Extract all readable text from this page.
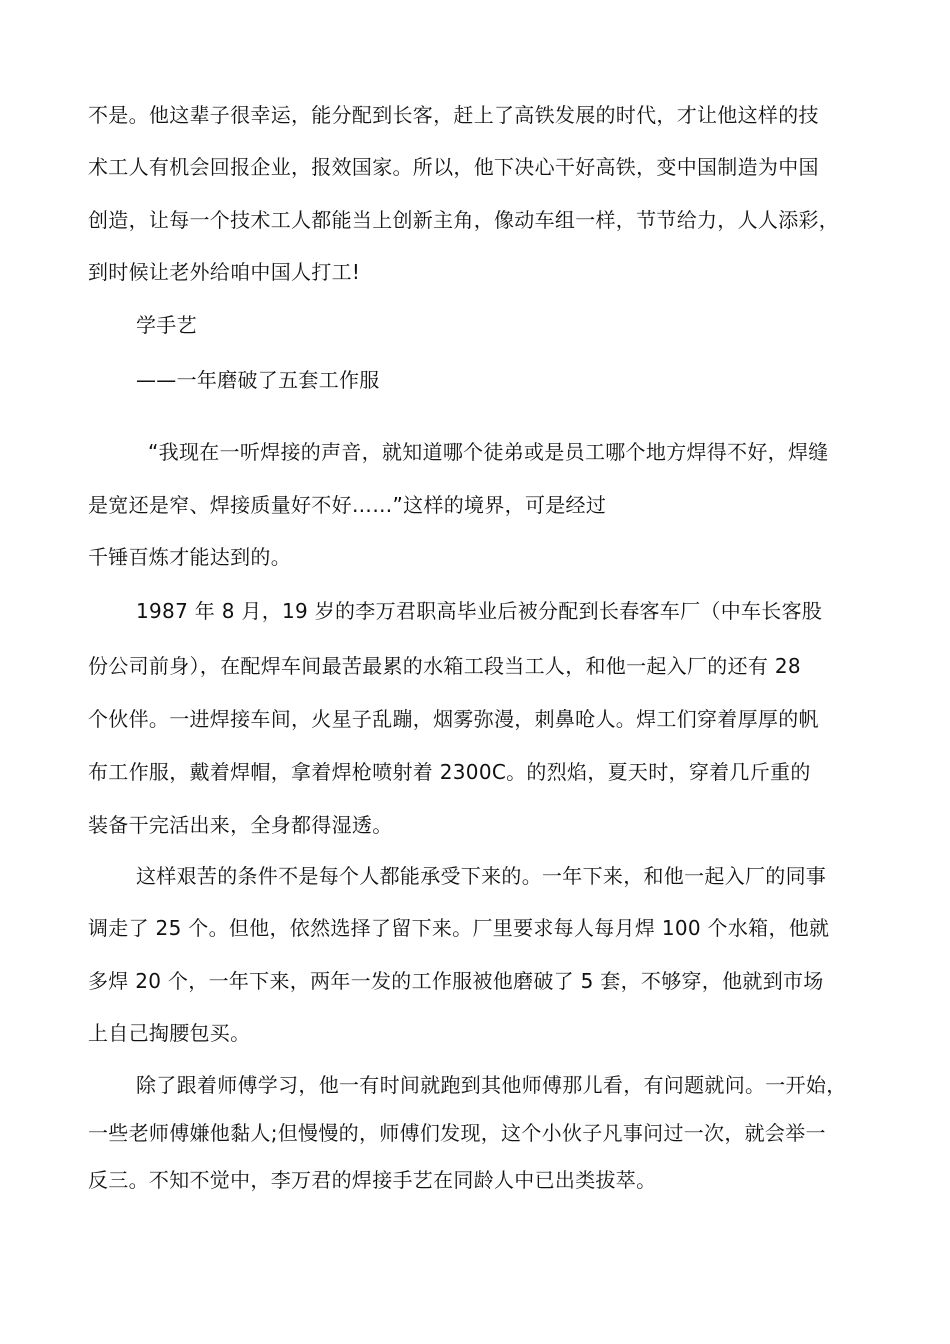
不是。他这辈子很幸运，能分配到长客，赶上了高铁发展的时代，才让他这样的技
术工人有机会回报企业，报效国家。所以，他下决心干好高铁，变中国制造为中国
创造，让每一个技术工人都能当上创新主角，像动车组一样，节节给力，人人添彩，
到时候让老外给咱中国人打工!
学手艺
——一年磨破了五套工作服
“我现在一听焊接的声音，就知道哪个徒弟或是员工哪个地方焊得不好，焊缝
是宽还是窄、焊接质量好不好……”这样的境界，可是经过
千锤百炼才能达到的。
1987 年 8 月，19 岁的李万君职高毕业后被分配到长春客车厂（中车长客股
份公司前身），在配焊车间最苦最累的水箱工段当工人，和他一起入厂的还有 28
个伙伴。一进焊接车间，火星子乱蹦，烟雾弥漫，刺鼻呛人。焊工们穿着厚厚的帆
布工作服，戴着焊帽，拿着焊枪喷射着 2300C。的烈焰，夏天时，穿着几斤重的
装备干完活出来，全身都得湿透。
这样艰苦的条件不是每个人都能承受下来的。一年下来，和他一起入厂的同事
调走了 25 个。但他，依然选择了留下来。厂里要求每人每月焊 100 个水箱，他就
多焊 20 个，一年下来，两年一发的工作服被他磨破了 5 套，不够穿，他就到市场
上自己掏腰包买。
除了跟着师傅学习，他一有时间就跑到其他师傅那儿看，有问题就问。一开始，
一些老师傅嫌他黏人;但慢慢的，师傅们发现，这个小伙子凡事问过一次，就会举一
反三。不知不觉中，李万君的焊接手艺在同龄人中已出类拔萃。
